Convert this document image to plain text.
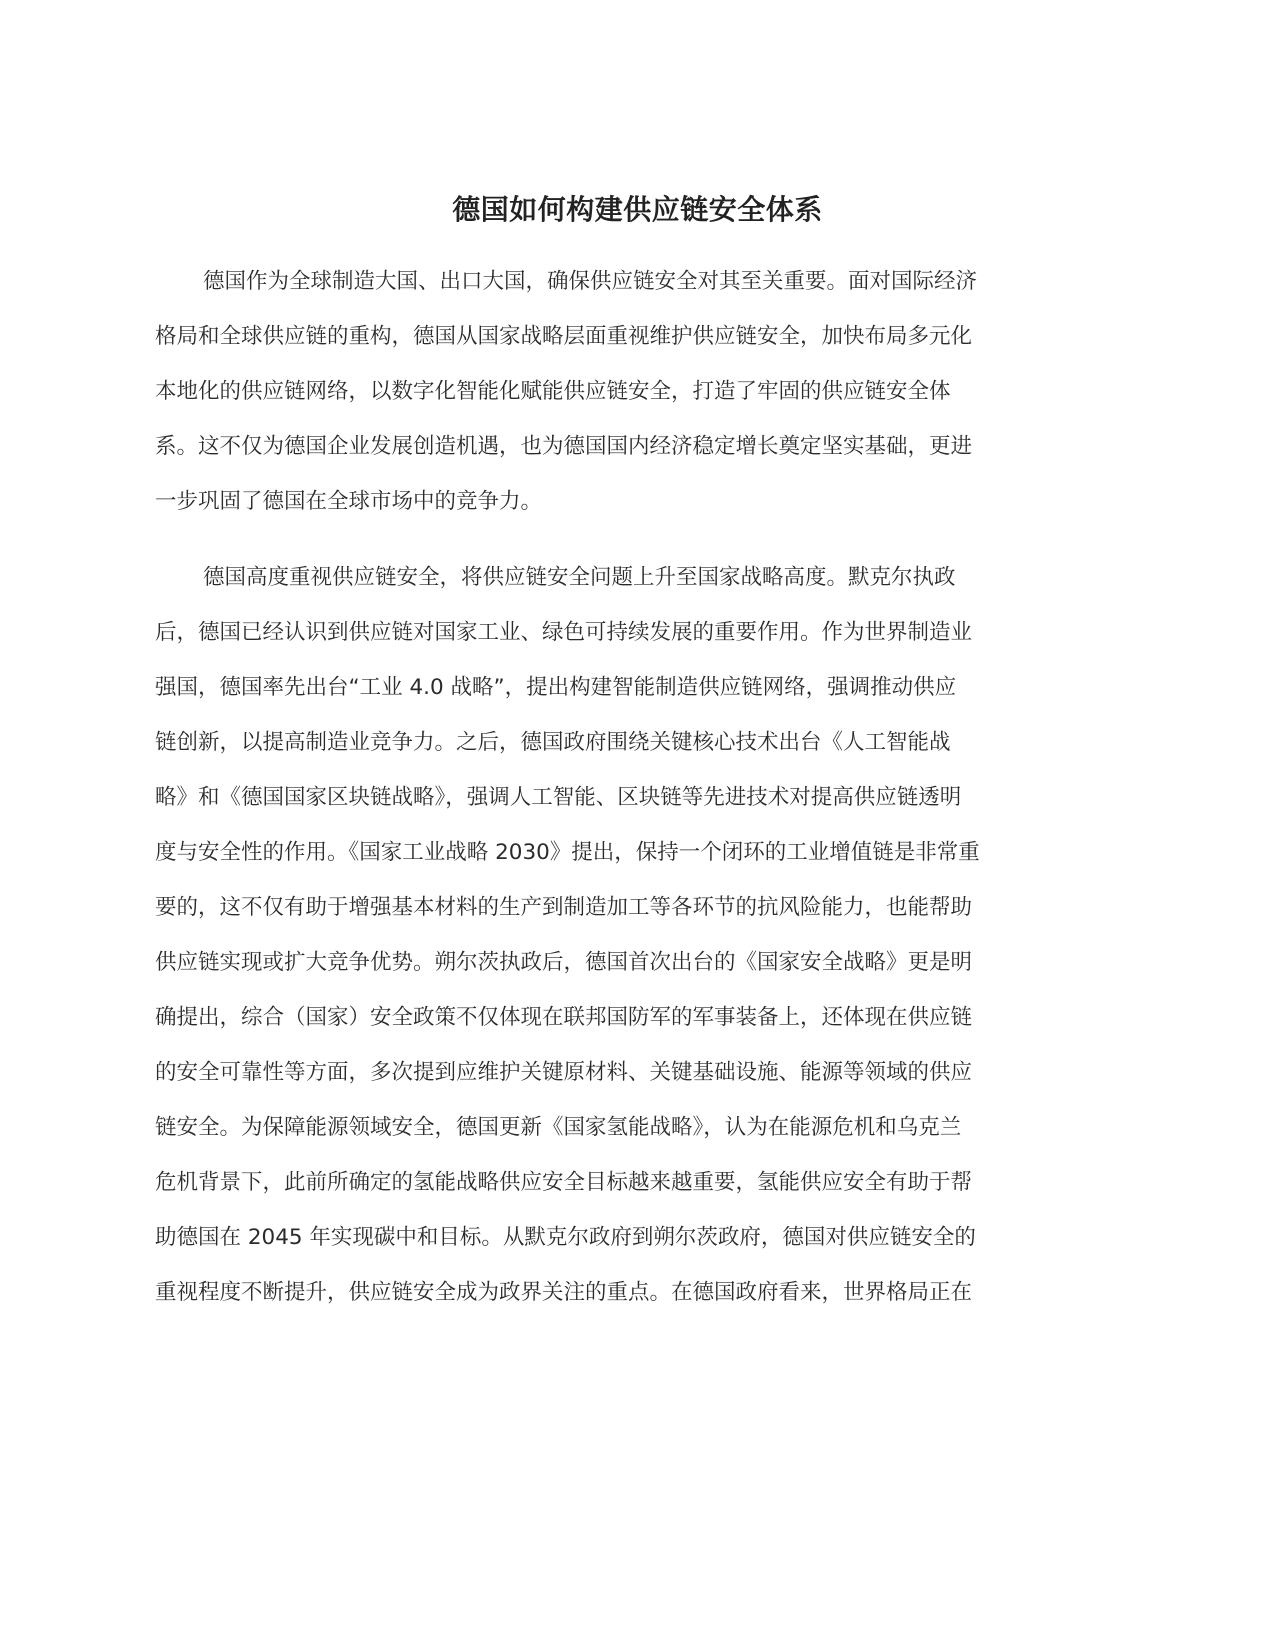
德国如何构建供应链安全体系
德国作为全球制造大国、出口大国，确保供应链安全对其至关重要。面对国际经济
格局和全球供应链的重构，德国从国家战略层面重视维护供应链安全，加快布局多元化
本地化的供应链网络，以数字化智能化赋能供应链安全，打造了牢固的供应链安全体
系。这不仅为德国企业发展创造机遇，也为德国国内经济稳定增长奠定坚实基础，更进
一步巩固了德国在全球市场中的竞争力。
德国高度重视供应链安全，将供应链安全问题上升至国家战略高度。默克尔执政
后，德国已经认识到供应链对国家工业、绿色可持续发展的重要作用。作为世界制造业
强国，德国率先出台“工业 4.0 战略”，提出构建智能制造供应链网络，强调推动供应
链创新，以提高制造业竞争力。之后，德国政府围绕关键核心技术出台《人工智能战
略》和《德国国家区块链战略》，强调人工智能、区块链等先进技术对提高供应链透明
度与安全性的作用。《国家工业战略 2030》提出，保持一个闭环的工业增值链是非常重
要的，这不仅有助于增强基本材料的生产到制造加工等各环节的抗风险能力，也能帮助
供应链实现或扩大竞争优势。朔尔茨执政后，德国首次出台的《国家安全战略》更是明
确提出，综合（国家）安全政策不仅体现在联邦国防军的军事装备上，还体现在供应链
的安全可靠性等方面，多次提到应维护关键原材料、关键基础设施、能源等领域的供应
链安全。为保障能源领域安全，德国更新《国家氢能战略》，认为在能源危机和乌克兰
危机背景下，此前所确定的氢能战略供应安全目标越来越重要，氢能供应安全有助于帮
助德国在 2045 年实现碳中和目标。从默克尔政府到朔尔茨政府，德国对供应链安全的
重视程度不断提升，供应链安全成为政界关注的重点。在德国政府看来，世界格局正在
